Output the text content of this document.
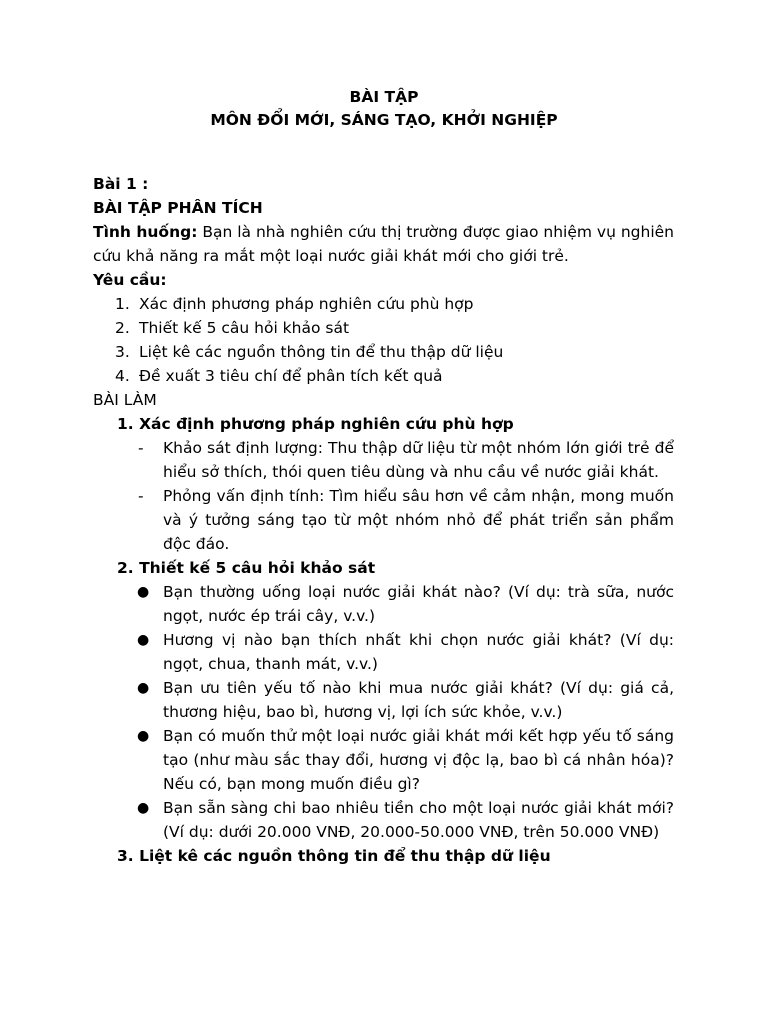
BÀI TẬP
MÔN ĐỔI MỚI, SÁNG TẠO, KHỞI NGHIỆP

Bài 1 :

BÀI TẬP PHÂN TÍCH

Tình huống: Bạn là nhà nghiên cứu thị trường được giao nhiệm vụ nghiên cứu khả năng ra mắt một loại nước giải khát mới cho giới trẻ.

Yêu cầu:

1. Xác định phương pháp nghiên cứu phù hợp

2. Thiết kế 5 câu hỏi khảo sát

3. Liệt kê các nguồn thông tin để thu thập dữ liệu

4. Đề xuất 3 tiêu chí để phân tích kết quả

BÀI LÀM

1. Xác định phương pháp nghiên cứu phù hợp

- Khảo sát định lượng: Thu thập dữ liệu từ một nhóm lớn giới trẻ để hiểu sở thích, thói quen tiêu dùng và nhu cầu về nước giải khát.

- Phỏng vấn định tính: Tìm hiểu sâu hơn về cảm nhận, mong muốn và ý tưởng sáng tạo từ một nhóm nhỏ để phát triển sản phẩm độc đáo.

2. Thiết kế 5 câu hỏi khảo sát

● Bạn thường uống loại nước giải khát nào? (Ví dụ: trà sữa, nước ngọt, nước ép trái cây, v.v.)

● Hương vị nào bạn thích nhất khi chọn nước giải khát? (Ví dụ: ngọt, chua, thanh mát, v.v.)

● Bạn ưu tiên yếu tố nào khi mua nước giải khát? (Ví dụ: giá cả, thương hiệu, bao bì, hương vị, lợi ích sức khỏe, v.v.)

● Bạn có muốn thử một loại nước giải khát mới kết hợp yếu tố sáng tạo (như màu sắc thay đổi, hương vị độc lạ, bao bì cá nhân hóa)? Nếu có, bạn mong muốn điều gì?

● Bạn sẵn sàng chi bao nhiêu tiền cho một loại nước giải khát mới? (Ví dụ: dưới 20.000 VNĐ, 20.000-50.000 VNĐ, trên 50.000 VNĐ)

3. Liệt kê các nguồn thông tin để thu thập dữ liệu
